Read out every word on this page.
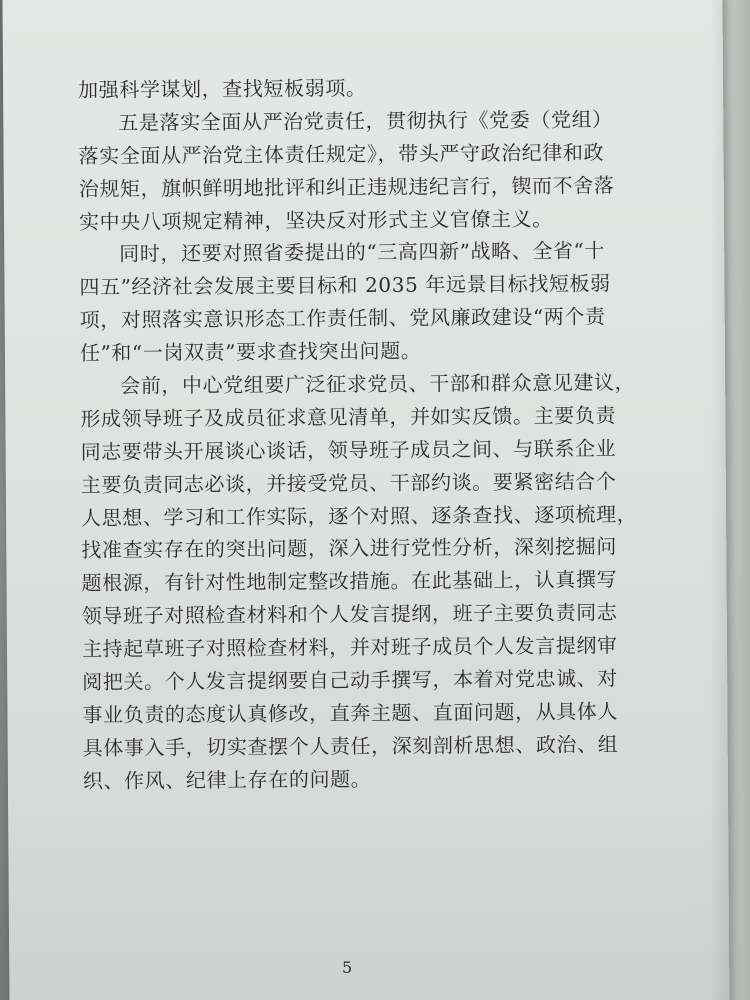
加强科学谋划，查找短板弱项。
五是落实全面从严治党责任，贯彻执行《党委（党组）
落实全面从严治党主体责任规定》，带头严守政治纪律和政
治规矩，旗帜鲜明地批评和纠正违规违纪言行，锲而不舍落
实中央八项规定精神，坚决反对形式主义官僚主义。
同时，还要对照省委提出的“三高四新”战略、全省“十
四五”经济社会发展主要目标和 2035 年远景目标找短板弱
项，对照落实意识形态工作责任制、党风廉政建设“两个责
任”和“一岗双责”要求查找突出问题。
会前，中心党组要广泛征求党员、干部和群众意见建议，
形成领导班子及成员征求意见清单，并如实反馈。主要负责
同志要带头开展谈心谈话，领导班子成员之间、与联系企业
主要负责同志必谈，并接受党员、干部约谈。要紧密结合个
人思想、学习和工作实际，逐个对照、逐条查找、逐项梳理，
找准查实存在的突出问题，深入进行党性分析，深刻挖掘问
题根源，有针对性地制定整改措施。在此基础上，认真撰写
领导班子对照检查材料和个人发言提纲，班子主要负责同志
主持起草班子对照检查材料，并对班子成员个人发言提纲审
阅把关。个人发言提纲要自己动手撰写，本着对党忠诚、对
事业负责的态度认真修改，直奔主题、直面问题，从具体人
具体事入手，切实查摆个人责任，深刻剖析思想、政治、组
织、作风、纪律上存在的问题。
5
